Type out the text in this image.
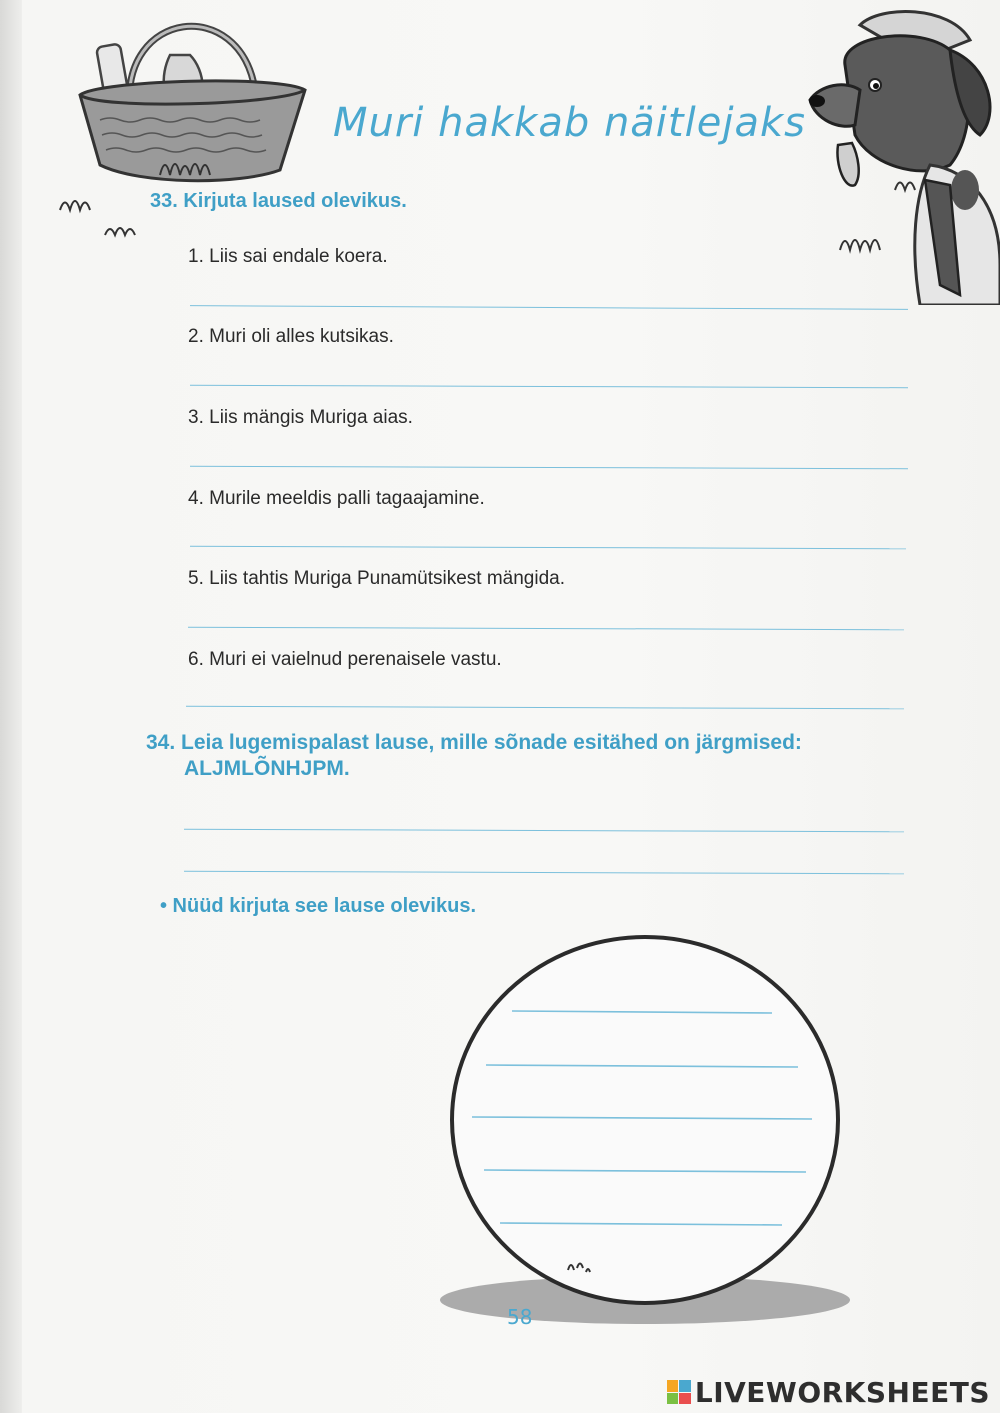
Muri hakkab näitlejaks
33. Kirjuta laused olevikus.
1. Liis sai endale koera.
2. Muri oli alles kutsikas.
3. Liis mängis Muriga aias.
4. Murile meeldis palli tagaajamine.
5. Liis tahtis Muriga Punamütsikest mängida.
6. Muri ei vaielnud perenaisele vastu.
34. Leia lugemispalast lause, mille sõnade esitähed on järgmised:
ALJMLÕNHJPM.
• Nüüd kirjuta see lause olevikus.
58
LIVEWORKSHEETS
